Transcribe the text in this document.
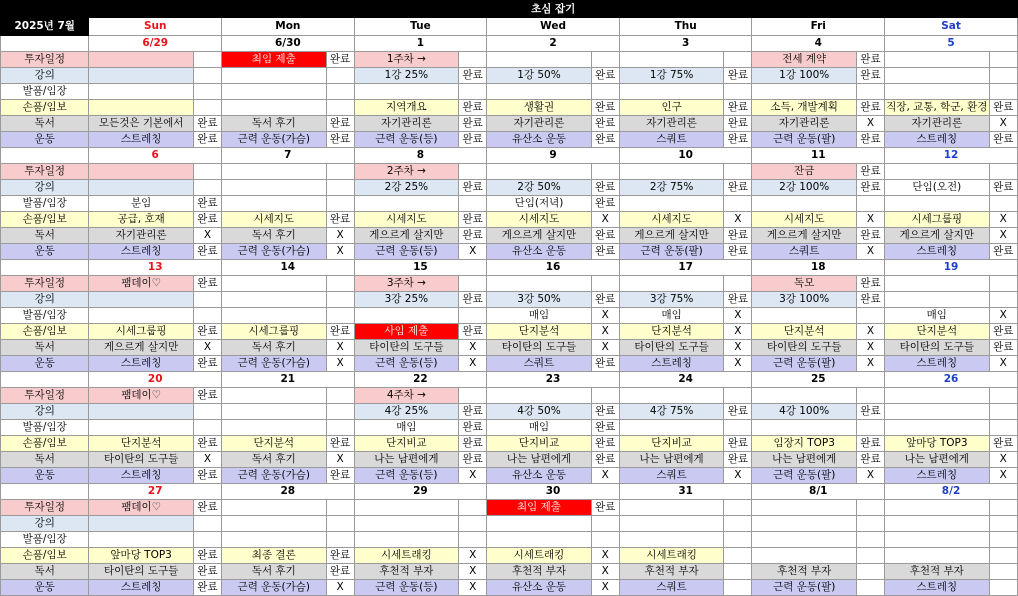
	초심 잡기													
2025년 7월	Sun		Mon		Tue		Wed		Thu		Fri		Sat	
	6/29		6/30		1		2		3		4		5	
투자일정			최임 제출	완료	1주차 →						전세 계약	완료		
강의					1강 25%	완료	1강 50%	완료	1강 75%	완료	1강 100%	완료		
발품/임장														
손품/임보					지역개요	완료	생활권	완료	인구	완료	소득, 개발계획	완료	직장, 교통, 학군, 환경	완료
독서	모든것은 기본에서	완료	독서 후기	완료	자기관리론	완료	자기관리론	완료	자기관리론	완료	자기관리론	X	자기관리론	X
운동	스트레칭	완료	근력 운동(가슴)	완료	근력 운동(등)	완료	유산소 운동	완료	스쿼트	완료	근력 운동(팔)	완료	스트레칭	완료
	6		7		8		9		10		11		12	
투자일정					2주차 →						잔금	완료		
강의					2강 25%	완료	2강 50%	완료	2강 75%	완료	2강 100%	완료	단임(오전)	완료
발품/임장	분임	완료					단임(저녁)	완료						
손품/임보	공급, 호재	완료	시세지도	완료	시세지도	완료	시세지도	X	시세지도	X	시세지도	X	시세그룹핑	X
독서	자기관리론	X	독서 후기	X	게으르게 살지만	완료	게으르게 살지만	완료	게으르게 살지만	완료	게으르게 살지만	완료	게으르게 살지만	X
운동	스트레칭	완료	근력 운동(가슴)	X	근력 운동(등)	X	유산소 운동	완료	근력 운동(팔)	완료	스쿼트	X	스트레칭	완료
	13		14		15		16		17		18		19	
투자일정	팸데이♡	완료			3주차 →						독모	완료		
강의					3강 25%	완료	3강 50%	완료	3강 75%	완료	3강 100%	완료		
발품/임장							매임	X	매임	X			매임	X
손품/임보	시세그룹핑	완료	시세그룹핑	완료	사임 제출	완료	단지분석	X	단지분석	X	단지분석	X	단지분석	완료
독서	게으르게 살지만	X	독서 후기	X	타이탄의 도구들	X	타이탄의 도구들	X	타이탄의 도구들	X	타이탄의 도구들	X	타이탄의 도구들	완료
운동	스트레칭	완료	근력 운동(가슴)	X	근력 운동(등)	X	스쿼트	완료	스트레칭	X	근력 운동(팔)	X	스트레칭	X
	20		21		22		23		24		25		26	
투자일정	팸데이♡	완료			4주차 →									
강의					4강 25%	완료	4강 50%	완료	4강 75%	완료	4강 100%	완료		
발품/임장					매임	완료	매임	완료						
손품/임보	단지분석	완료	단지분석	완료	단지비교	완료	단지비교	완료	단지비교	완료	임장지 TOP3	완료	앞마당 TOP3	완료
독서	타이탄의 도구들	X	독서 후기	X	나는 남편에게	완료	나는 남편에게	완료	나는 남편에게	완료	나는 남편에게	완료	나는 남편에게	X
운동	스트레칭	완료	근력 운동(가슴)	완료	근력 운동(등)	X	유산소 운동	X	스쿼트	X	근력 운동(팔)	X	스트레칭	X
	27		28		29		30		31		8/1		8/2	
투자일정	팸데이♡	완료					최임 제출	완료						
강의														
발품/임장														
손품/임보	앞마당 TOP3	완료	최종 결론	완료	시세트래킹	X	시세트래킹	X	시세트래킹					
독서	타이탄의 도구들	완료	독서 후기	완료	후천적 부자	X	후천적 부자	X	후천적 부자		후천적 부자		후천적 부자	
운동	스트레칭	완료	근력 운동(가슴)	X	근력 운동(등)	X	유산소 운동	X	스쿼트		근력 운동(팔)		스트레칭	
